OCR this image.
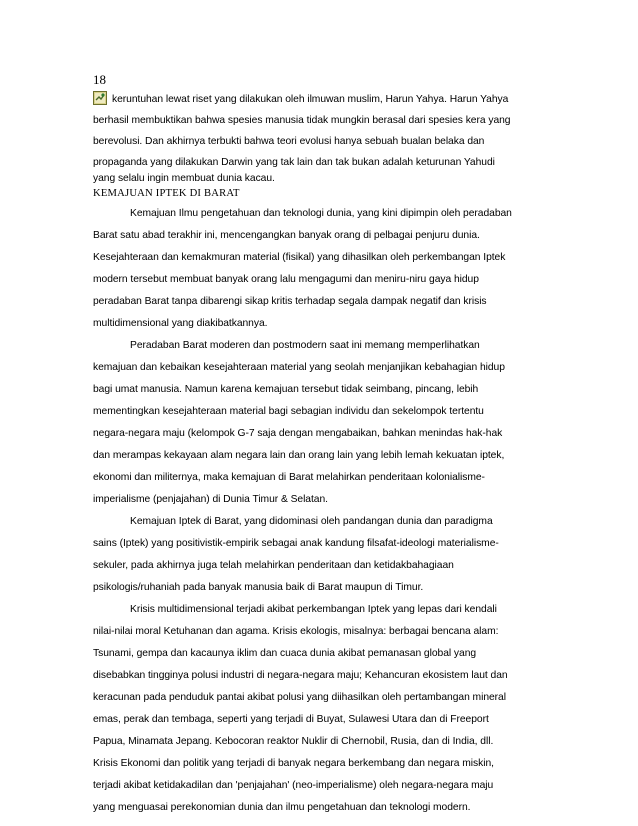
18
keruntuhan lewat riset yang dilakukan oleh ilmuwan muslim, Harun Yahya. Harun Yahya
berhasil membuktikan bahwa spesies manusia tidak mungkin berasal dari spesies kera yang
berevolusi. Dan akhirnya terbukti bahwa teori evolusi hanya sebuah bualan belaka dan
propaganda yang dilakukan Darwin yang tak lain dan tak bukan adalah keturunan Yahudi
yang selalu ingin membuat dunia kacau.
KEMAJUAN IPTEK DI BARAT
Kemajuan Ilmu pengetahuan dan teknologi dunia, yang kini dipimpin oleh peradaban
Barat satu abad terakhir ini, mencengangkan banyak orang di pelbagai penjuru dunia.
Kesejahteraan dan kemakmuran material (fisikal) yang dihasilkan oleh perkembangan Iptek
modern tersebut membuat banyak orang lalu mengagumi dan meniru-niru gaya hidup
peradaban Barat tanpa dibarengi sikap kritis terhadap segala dampak negatif dan krisis
multidimensional yang diakibatkannya.
Peradaban Barat moderen dan postmodern saat ini memang memperlihatkan
kemajuan dan kebaikan kesejahteraan material yang seolah menjanjikan kebahagian hidup
bagi umat manusia. Namun karena kemajuan tersebut tidak seimbang, pincang, lebih
mementingkan kesejahteraan material bagi sebagian individu dan sekelompok tertentu
negara-negara maju (kelompok G-7 saja dengan mengabaikan, bahkan menindas hak-hak
dan merampas kekayaan alam negara lain dan orang lain yang lebih lemah kekuatan iptek,
ekonomi dan militernya, maka kemajuan di Barat melahirkan penderitaan kolonialisme-
imperialisme (penjajahan) di Dunia Timur & Selatan.
Kemajuan Iptek di Barat, yang didominasi oleh pandangan dunia dan paradigma
sains (Iptek) yang positivistik-empirik sebagai anak kandung filsafat-ideologi materialisme-
sekuler, pada akhirnya juga telah melahirkan penderitaan dan ketidakbahagiaan
psikologis/ruhaniah pada banyak manusia baik di Barat maupun di Timur.
Krisis multidimensional terjadi akibat perkembangan Iptek yang lepas dari kendali
nilai-nilai moral Ketuhanan dan agama. Krisis ekologis, misalnya: berbagai bencana alam:
Tsunami, gempa dan kacaunya iklim dan cuaca dunia akibat pemanasan global yang
disebabkan tingginya polusi industri di negara-negara maju; Kehancuran ekosistem laut dan
keracunan pada penduduk pantai akibat polusi yang diihasilkan oleh pertambangan mineral
emas, perak dan tembaga, seperti yang terjadi di Buyat, Sulawesi Utara dan di Freeport
Papua, Minamata Jepang. Kebocoran reaktor Nuklir di Chernobil, Rusia, dan di India, dll.
Krisis Ekonomi dan politik yang terjadi di banyak negara berkembang dan negara miskin,
terjadi akibat ketidakadilan dan 'penjajahan' (neo-imperialisme) oleh negara-negara maju
yang menguasai perekonomian dunia dan ilmu pengetahuan dan teknologi modern.
